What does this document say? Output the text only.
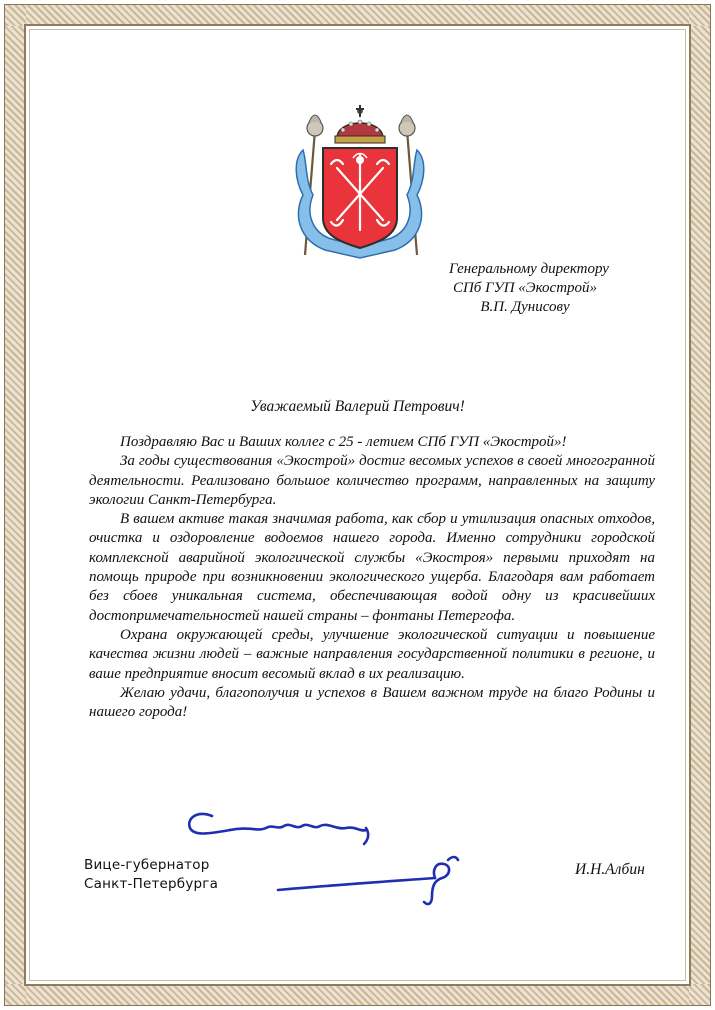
Генеральному директору
СПб ГУП «Экострой»
В.П. Дунисову
Уважаемый Валерий Петрович!

Поздравляю Вас и Ваших коллег с 25 - летием СПб ГУП «Экострой»!

За годы существования «Экострой» достиг весомых успехов в своей многогранной деятельности. Реализовано большое количество программ, направленных на защиту экологии Санкт-Петербурга.

В вашем активе такая значимая работа, как сбор и утилизация опасных отходов, очистка и оздоровление водоемов нашего города. Именно сотрудники городской комплексной аварийной экологической службы «Экостроя» первыми приходят на помощь природе при возникновении экологического ущерба. Благодаря вам работает без сбоев уникальная система, обеспечивающая водой одну из красивейших достопримечательностей нашей страны – фонтаны Петергофа.

Охрана окружающей среды, улучшение экологической ситуации и повышение качества жизни людей – важные направления государственной политики в регионе, и ваше предприятие вносит весомый вклад в их реализацию.

Желаю удачи, благополучия и успехов в Вашем важном труде на благо Родины и нашего города!

Вице-губернатор
Санкт-Петербурга
И.Н.Албин
